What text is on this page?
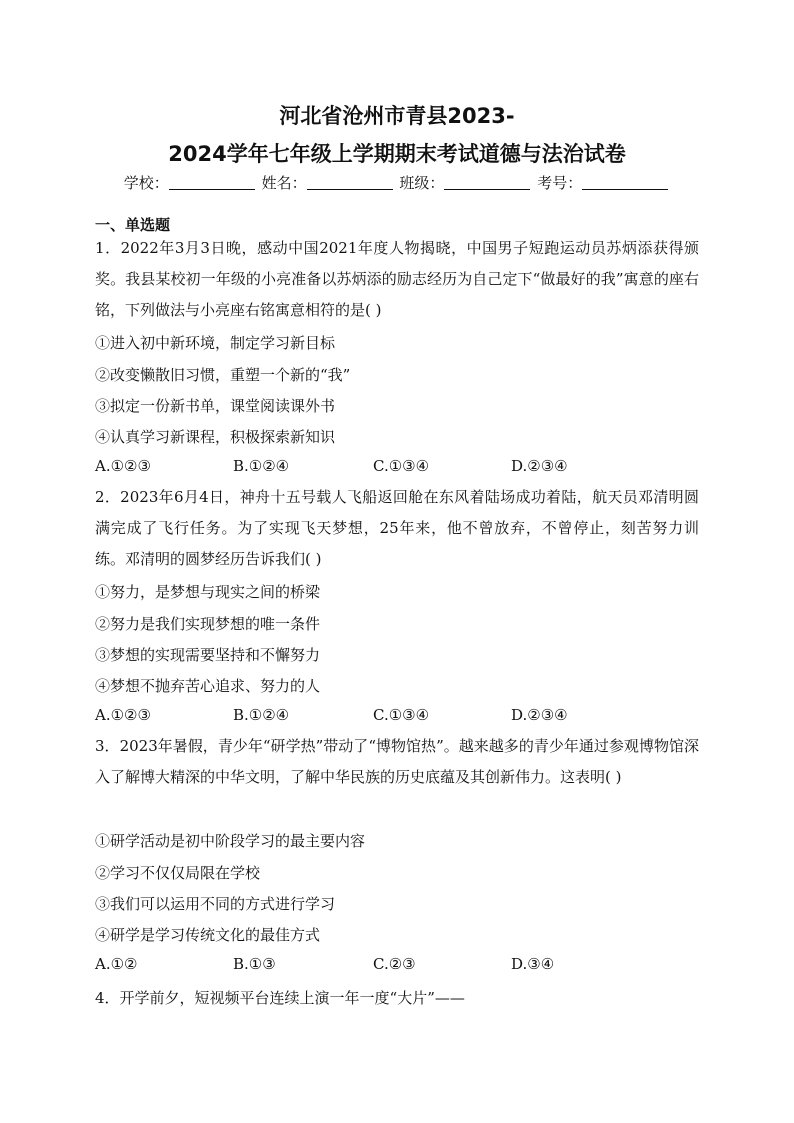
河北省沧州市青县2023-
2024学年七年级上学期期末考试道德与法治试卷
学校：	姓名：	班级：	考号：
一、单选题
1．2022年3月3日晚，感动中国2021年度人物揭晓，中国男子短跑运动员苏炳添获得颁奖。我县某校初一年级的小亮准备以苏炳添的励志经历为自己定下“做最好的我”寓意的座右铭，下列做法与小亮座右铭寓意相符的是( )
①进入初中新环境，制定学习新目标
②改变懒散旧习惯，重塑一个新的“我”
③拟定一份新书单，课堂阅读课外书
④认真学习新课程，积极探索新知识
A.①②③	B.①②④	C.①③④	D.②③④
2．2023年6月4日，神舟十五号载人飞船返回舱在东风着陆场成功着陆，航天员邓清明圆满完成了飞行任务。为了实现飞天梦想，25年来，他不曾放弃，不曾停止，刻苦努力训练。邓清明的圆梦经历告诉我们( )
①努力，是梦想与现实之间的桥梁
②努力是我们实现梦想的唯一条件
③梦想的实现需要坚持和不懈努力
④梦想不抛弃苦心追求、努力的人
A.①②③	B.①②④	C.①③④	D.②③④
3．2023年暑假，青少年“研学热”带动了“博物馆热”。越来越多的青少年通过参观博物馆深入了解博大精深的中华文明，了解中华民族的历史底蕴及其创新伟力。这表明( )
①研学活动是初中阶段学习的最主要内容
②学习不仅仅局限在学校
③我们可以运用不同的方式进行学习
④研学是学习传统文化的最佳方式
A.①②	B.①③	C.②③	D.③④
4．开学前夕，短视频平台连续上演一年一度“大片”——
